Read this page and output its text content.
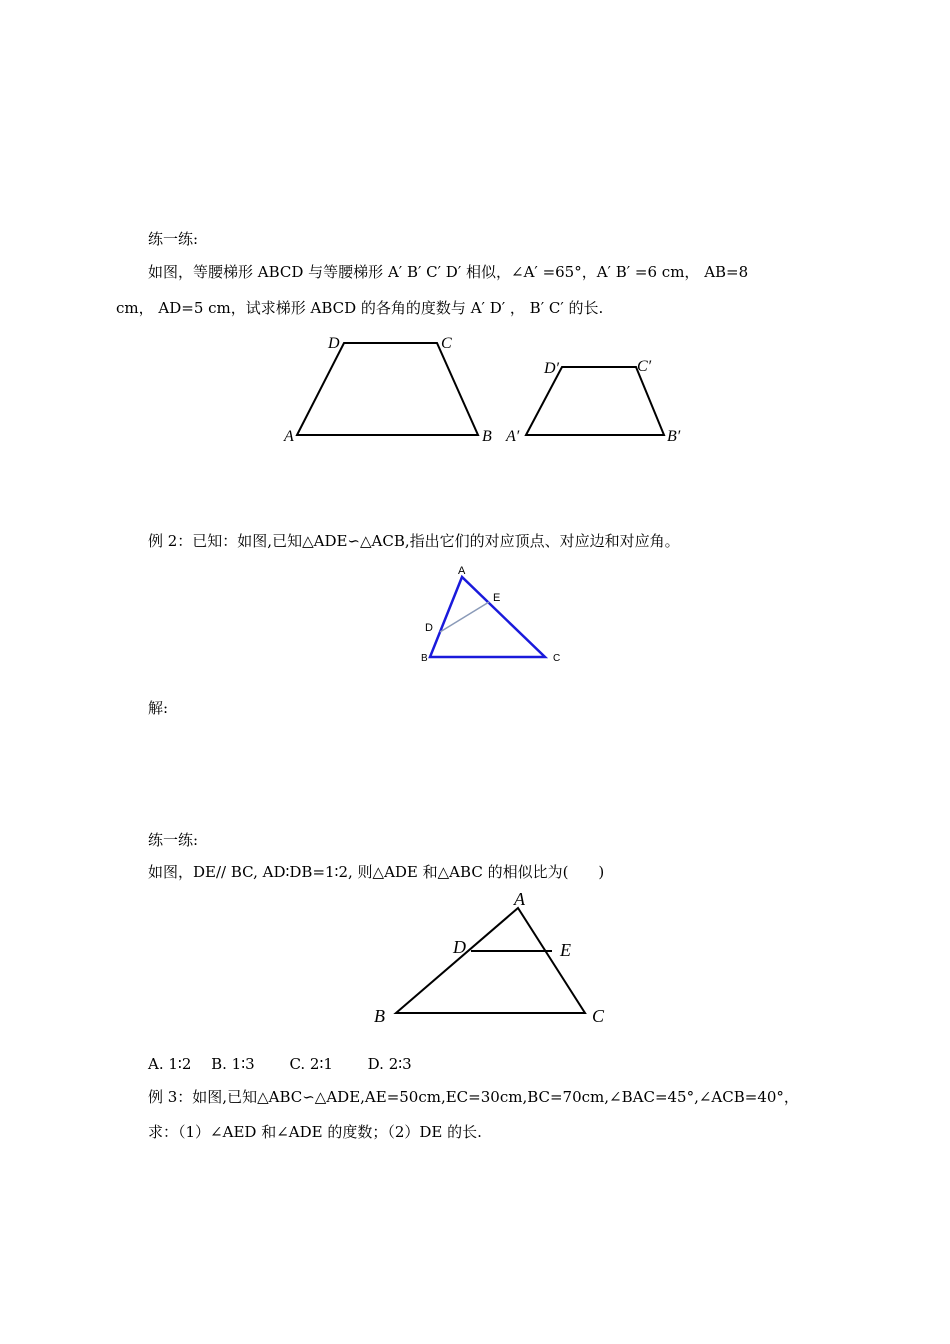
练一练:
如图，等腰梯形 ABCD 与等腰梯形 A′ B′ C′ D′ 相似，∠A′ =65°，A′ B′ =6 cm， AB=8
cm， AD=5 cm，试求梯形 ABCD 的各角的度数与 A′ D′ ， B′ C′ 的长.
D	C
A	B
D′	C′
A′	B′
例 2：已知：如图,已知△ADE∽△ACB,指出它们的对应顶点、对应边和对应角。
A
E
D
B	C
解:
练一练:
如图，DE// BC, AD∶DB=1∶2, 则△ADE 和△ABC 的相似比为(　　)
A
D	E
B	C
A. 1∶2　 B. 1∶3　　 C. 2∶1　　 D. 2∶3
例 3：如图,已知△ABC∽△ADE,AE=50cm,EC=30cm,BC=70cm,∠BAC=45°,∠ACB=40°，
求：（1）∠AED 和∠ADE 的度数；（2）DE 的长.
